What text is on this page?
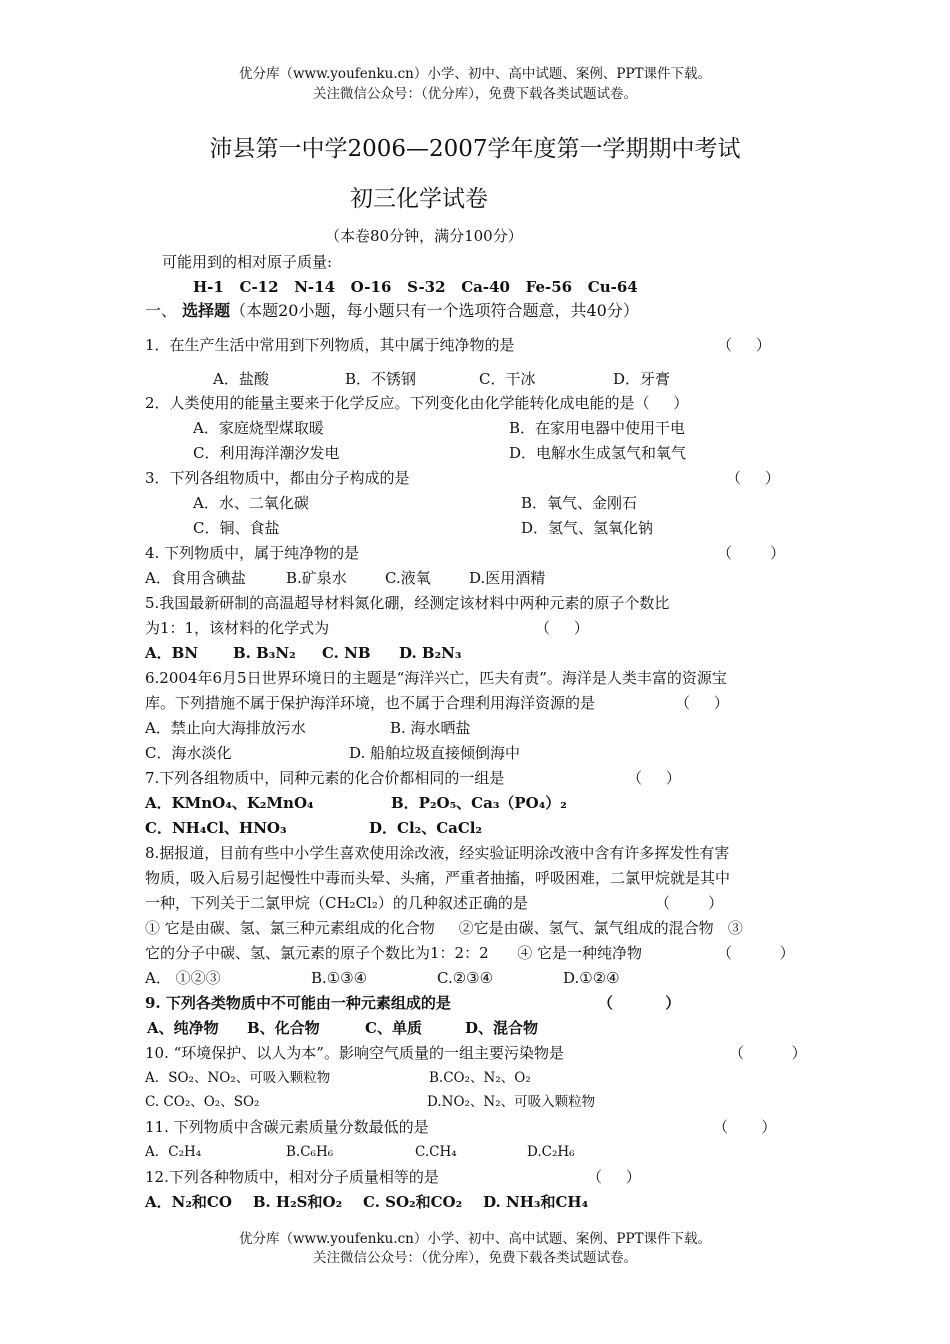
优分库（www.youfenku.cn）小学、初中、高中试题、案例、PPT课件下载。
关注微信公众号：（优分库），免费下载各类试题试卷。
沛县第一中学2006—2007学年度第一学期期中考试
初三化学试卷
（本卷80分钟，满分100分）
可能用到的相对原子质量:
H-1   C-12   N-14   O-16   S-32   Ca-40   Fe-56   Cu-64
一、 选择题（本题20小题，每小题只有一个选项符合题意，共40分）
1．在生产生活中常用到下列物质，其中属于纯净物的是	（     ）
A．盐酸	B．不锈钢	C．干冰	D．牙膏
2．人类使用的能量主要来于化学反应。下列变化由化学能转化成电能的是（     ）
A．家庭烧型煤取暖	B．在家用电器中使用干电
C．利用海洋潮汐发电	D．电解水生成氢气和氧气
3．下列各组物质中，都由分子构成的是	（     ）
A．水、二氧化碳	B．氧气、金刚石
C．铜、食盐	D．氢气、氢氧化钠
4. 下列物质中，属于纯净物的是	（        ）
A．食用含碘盐	B.矿泉水	C.液氧	D.医用酒精
5.我国最新研制的高温超导材料氮化硼，经测定该材料中两种元素的原子个数比
为1：1，该材料的化学式为	（     ）
A．BN B. B₃N₂ C. NB D. B₂N₃
6.2004年6月5日世界环境日的主题是“海洋兴亡，匹夫有责”。海洋是人类丰富的资源宝
库。下列措施不属于保护海洋环境，也不属于合理利用海洋资源的是	（     ）
A．禁止向大海排放污水	B. 海水晒盐
C．海水淡化	D. 船舶垃圾直接倾倒海中
7.下列各组物质中，同种元素的化合价都相同的一组是	（     ）
A．KMnO₄、K₂MnO₄	B．P₂O₅、Ca₃（PO₄）₂
C．NH₄Cl、HNO₃	D．Cl₂、CaCl₂
8.据报道，目前有些中小学生喜欢使用涂改液，经实验证明涂改液中含有许多挥发性有害
物质，吸入后易引起慢性中毒而头晕、头痛，严重者抽搐，呼吸困难，二氯甲烷就是其中
一种，下列关于二氯甲烷（CH₂Cl₂）的几种叙述正确的是	（        ）
① 它是由碳、氢、氯三种元素组成的化合物     ②它是由碳、氢气、氯气组成的混合物   ③
它的分子中碳、氢、氯元素的原子个数比为1：2：2      ④ 它是一种纯净物	（          ）
A． ①②③	B.①③④	C.②③④	D.①②④
9. 下列各类物质中不可能由一种元素组成的是	（          ）
A、纯净物 B、化合物	C、单质	D、混合物
10. “环境保护、以人为本”。影响空气质量的一组主要污染物是	（          ）
A．SO₂、NO₂、可吸入颗粒物	B.CO₂、N₂、O₂
C. CO₂、O₂、SO₂	D.NO₂、N₂、可吸入颗粒物
11. 下列物质中含碳元素质量分数最低的是	（       ）
A．C₂H₄	B.C₆H₆	C.CH₄	D.C₂H₆
12.下列各种物质中，相对分子质量相等的是	（     ）
A．N₂和CO    B. H₂S和O₂    C. SO₂和CO₂    D. NH₃和CH₄
优分库（www.youfenku.cn）小学、初中、高中试题、案例、PPT课件下载。
关注微信公众号：（优分库），免费下载各类试题试卷。
